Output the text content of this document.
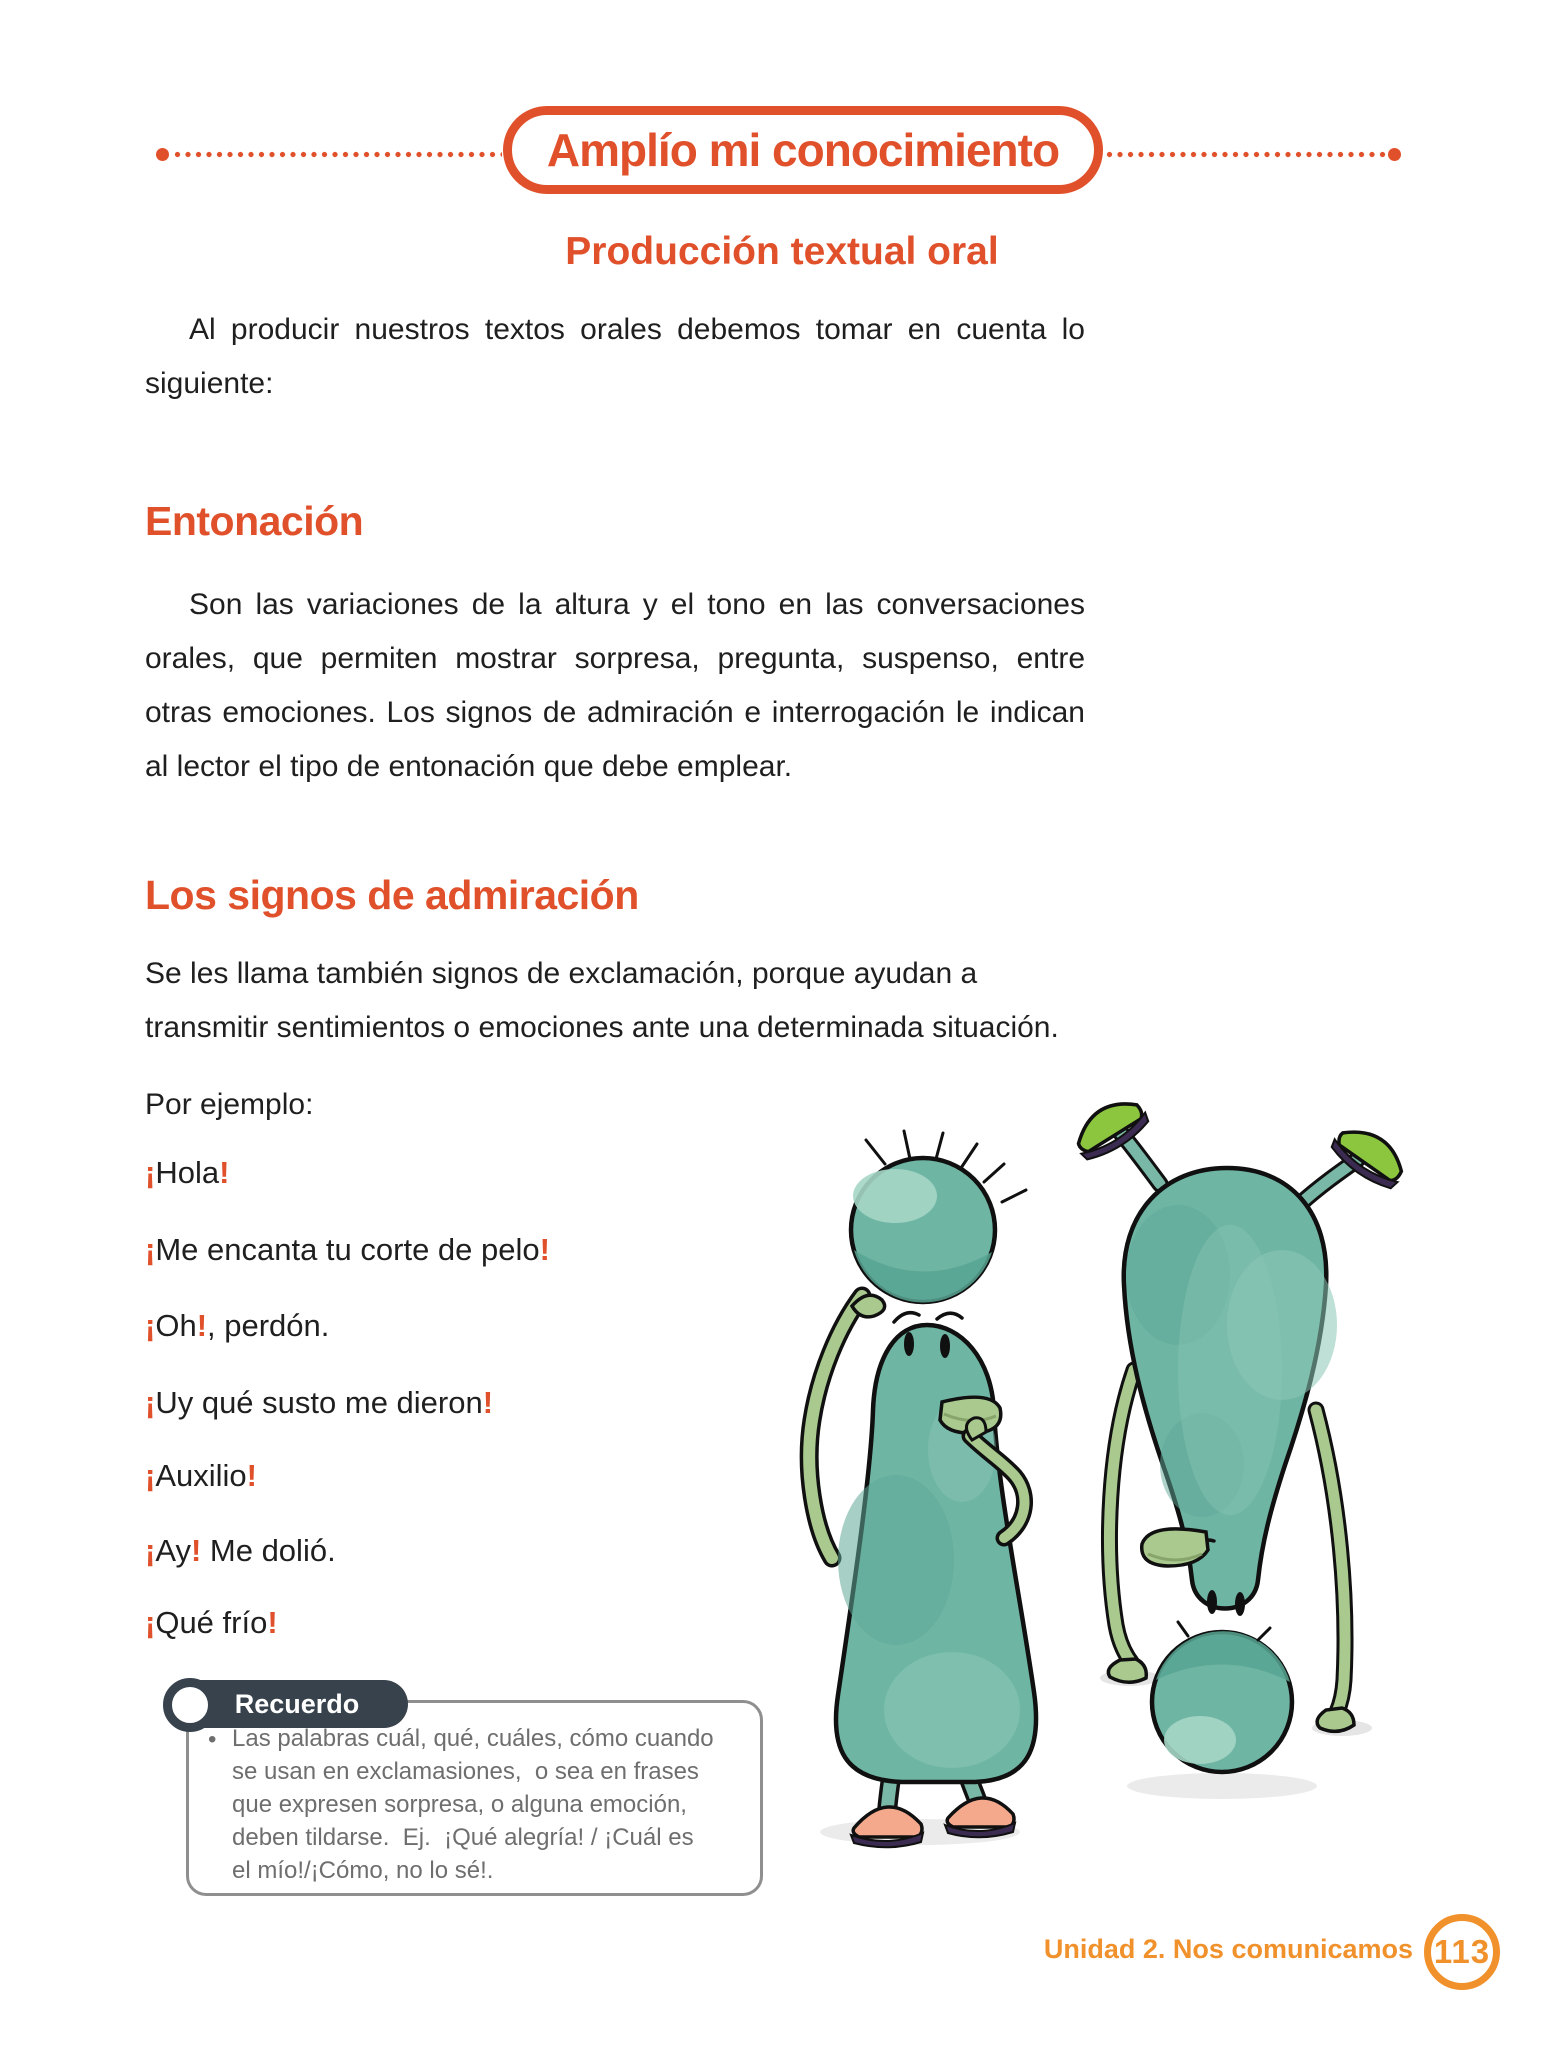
Amplío mi conocimiento
Producción textual oral
Al producir nuestros textos orales debemos tomar en cuenta lo siguiente:
Entonación
Son las variaciones de la altura y el tono en las conversaciones orales, que permiten mostrar sorpresa, pregunta, suspenso, entre otras emociones. Los signos de admiración e interrogación le indican al lector el tipo de entonación que debe emplear.
Los signos de admiración
Se les llama también signos de exclamación, porque ayudan a transmitir sentimientos o emociones ante una determinada situación.
Por ejemplo:
¡Hola!
¡Me encanta tu corte de pelo!
¡Oh!, perdón.
¡Uy qué susto me dieron!
¡Auxilio!
¡Ay! Me dolió.
¡Qué frío!
Recuerdo
• Las palabras cuál, qué, cuáles, cómo cuando
se usan en exclamasiones,  o sea en frases
que expresen sorpresa, o alguna emoción,
deben tildarse.  Ej.  ¡Qué alegría! / ¡Cuál es
el mío!/¡Cómo, no lo sé!.
Unidad 2. Nos comunicamos 113
